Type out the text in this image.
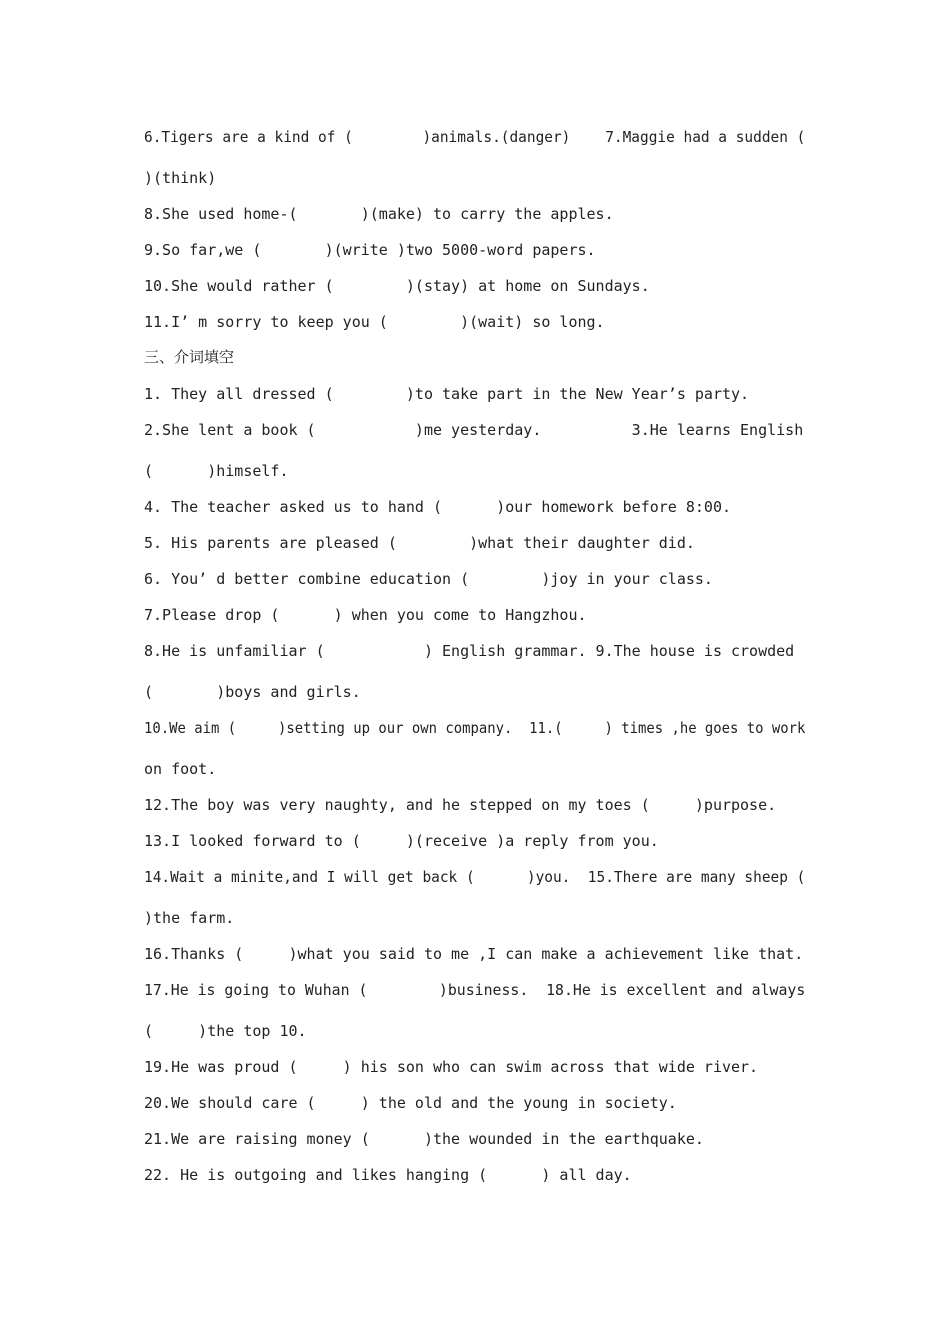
6.Tigers are a kind of (        )animals.(danger)    7.Maggie had a sudden (
)(think)
8.She used home-(       )(make) to carry the apples.
9.So far,we (       )(write )two 5000-word papers.
10.She would rather (        )(stay) at home on Sundays.
11.I’ m sorry to keep you (        )(wait) so long.
三、介词填空
1. They all dressed (        )to take part in the New Year’s party.
2.She lent a book (           )me yesterday.          3.He learns English
(      )himself.
4. The teacher asked us to hand (      )our homework before 8:00.
5. His parents are pleased (        )what their daughter did.
6. You’ d better combine education (        )joy in your class.
7.Please drop (      ) when you come to Hangzhou.
8.He is unfamiliar (           ) English grammar. 9.The house is crowded
(       )boys and girls.
10.We aim (     )setting up our own company.  11.(     ) times ,he goes to work
on foot.
12.The boy was very naughty, and he stepped on my toes (     )purpose.
13.I looked forward to (     )(receive )a reply from you.
14.Wait a minite,and I will get back (      )you.  15.There are many sheep (
)the farm.
16.Thanks (     )what you said to me ,I can make a achievement like that.
17.He is going to Wuhan (        )business.  18.He is excellent and always
(     )the top 10.
19.He was proud (     ) his son who can swim across that wide river.
20.We should care (     ) the old and the young in society.
21.We are raising money (      )the wounded in the earthquake.
22. He is outgoing and likes hanging (      ) all day.
